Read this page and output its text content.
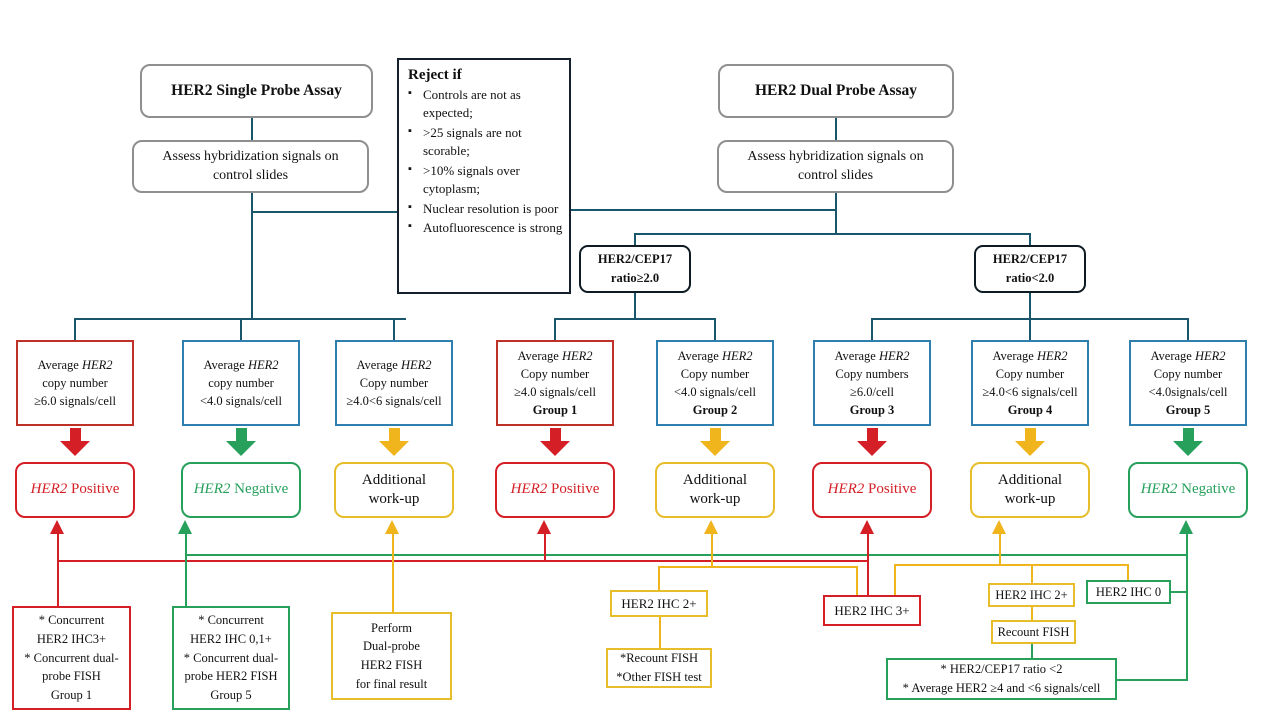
HER2 Single Probe Assay
Assess hybridization signals on control slides
HER2 Dual Probe Assay
Assess hybridization signals on control slides
Reject if
▪ Controls are not as expected;
▪ >25 signals are not scorable;
▪ >10% signals over cytoplasm;
▪ Nuclear resolution is poor
▪ Autofluorescence is strong
HER2/CEP17
ratio≥2.0
HER2/CEP17
ratio<2.0
Average HER2
copy number
≥6.0 signals/cell
Average HER2
copy number
<4.0 signals/cell
Average HER2
Copy number
≥4.0<6 signals/cell
Average HER2
Copy number
≥4.0 signals/cell
Group 1
Average HER2
Copy number
<4.0 signals/cell
Group 2
Average HER2
Copy numbers
≥6.0/cell
Group 3
Average HER2
Copy number
≥4.0<6 signals/cell
Group 4
Average HER2
Copy number
<4.0signals/cell
Group 5
HER2 Positive	HER2 Negative
Additional work-up
HER2 Positive
Additional work-up
HER2 Positive
Additional work-up
HER2 Negative
* Concurrent
HER2 IHC3+
* Concurrent dual-
probe FISH
Group 1
* Concurrent
HER2 IHC 0,1+
* Concurrent dual-
probe HER2 FISH
Group 5
Perform
Dual-probe
HER2 FISH
for final result
HER2 IHC 2+
*Recount FISH
*Other FISH test
HER2 IHC 3+
HER2 IHC 2+
Recount FISH
HER2 IHC 0
* HER2/CEP17 ratio <2
* Average HER2 ≥4 and <6 signals/cell
